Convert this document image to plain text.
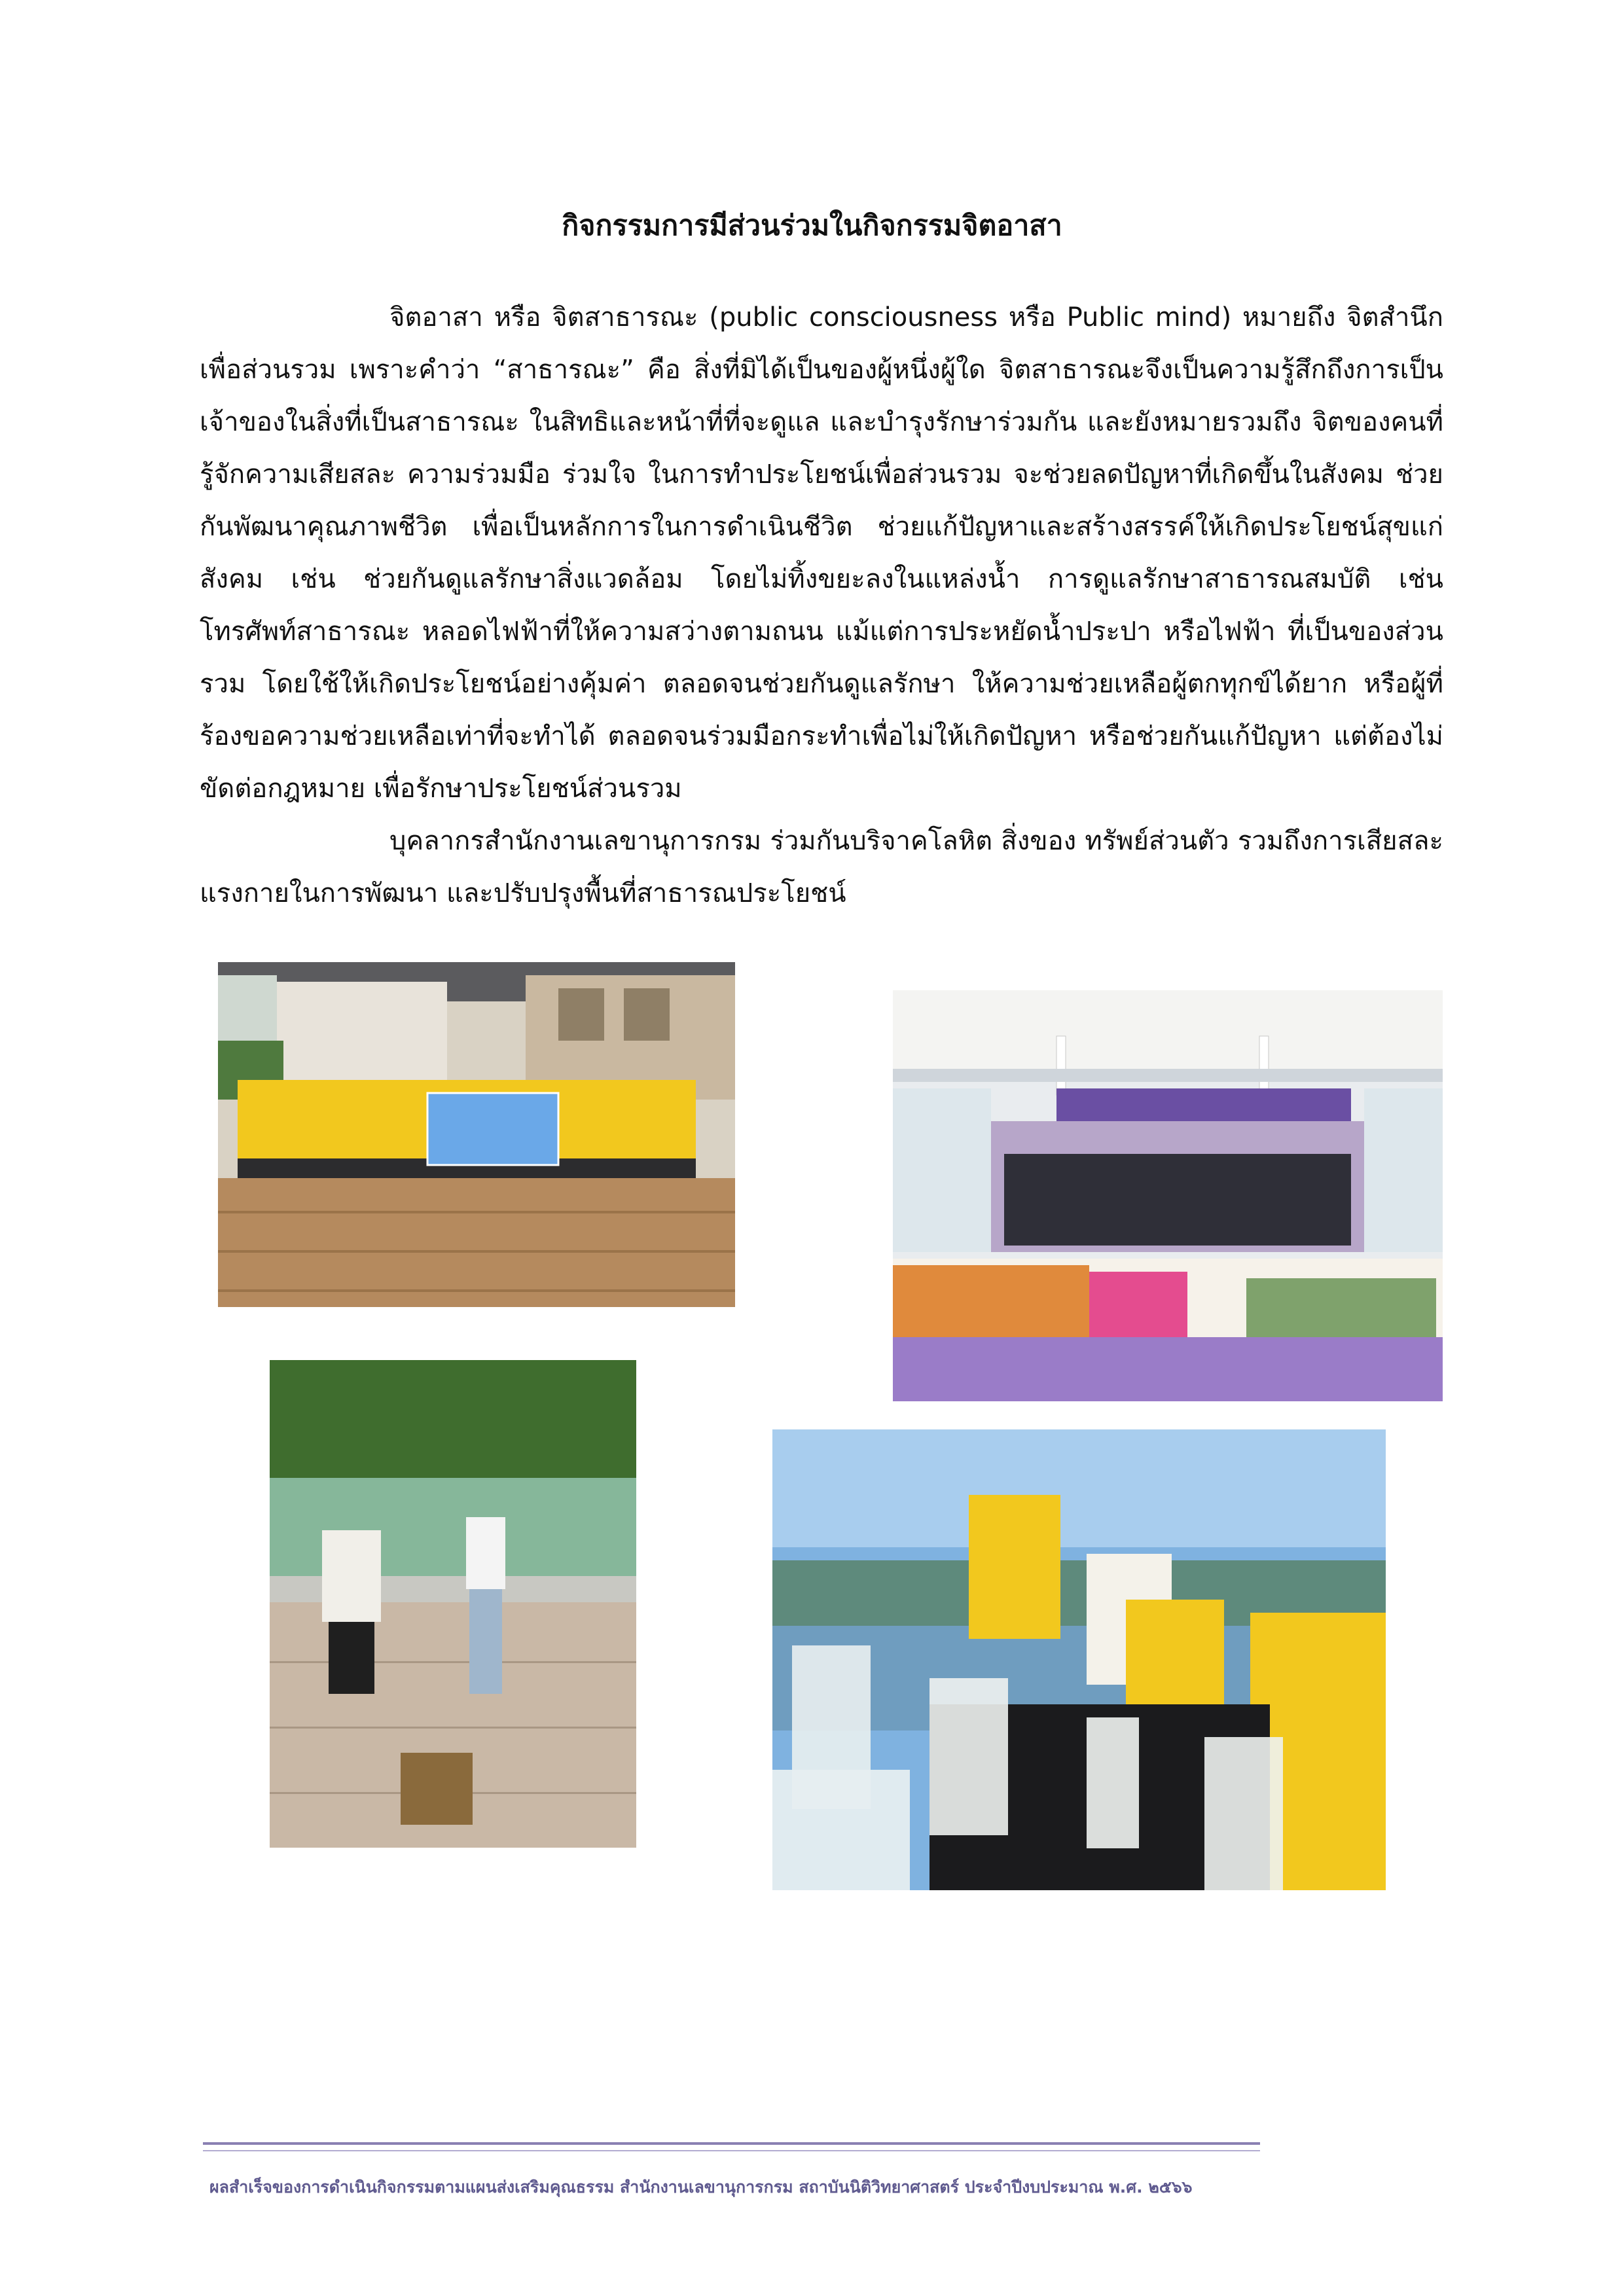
กิจกรรมการมีส่วนร่วมในกิจกรรมจิตอาสา

จิตอาสา หรือ จิตสาธารณะ (public consciousness หรือ Public mind) หมายถึง จิตสำนึกเพื่อส่วนรวม เพราะคำว่า “สาธารณะ” คือ สิ่งที่มิได้เป็นของผู้หนึ่งผู้ใด จิตสาธารณะจึงเป็นความรู้สึกถึงการเป็นเจ้าของในสิ่งที่เป็นสาธารณะ ในสิทธิและหน้าที่ที่จะดูแล และบำรุงรักษาร่วมกัน และยังหมายรวมถึง จิตของคนที่รู้จักความเสียสละ ความร่วมมือ ร่วมใจ ในการทำประโยชน์เพื่อส่วนรวม จะช่วยลดปัญหาที่เกิดขึ้นในสังคม ช่วยกันพัฒนาคุณภาพชีวิต เพื่อเป็นหลักการในการดำเนินชีวิต ช่วยแก้ปัญหาและสร้างสรรค์ให้เกิดประโยชน์สุขแก่สังคม เช่น ช่วยกันดูแลรักษาสิ่งแวดล้อม โดยไม่ทิ้งขยะลงในแหล่งน้ำ การดูแลรักษาสาธารณสมบัติ เช่น โทรศัพท์สาธารณะ หลอดไฟฟ้าที่ให้ความสว่างตามถนน แม้แต่การประหยัดน้ำประปา หรือไฟฟ้า ที่เป็นของส่วนรวม โดยใช้ให้เกิดประโยชน์อย่างคุ้มค่า ตลอดจนช่วยกันดูแลรักษา ให้ความช่วยเหลือผู้ตกทุกข์ได้ยาก หรือผู้ที่ร้องขอความช่วยเหลือเท่าที่จะทำได้ ตลอดจนร่วมมือกระทำเพื่อไม่ให้เกิดปัญหา หรือช่วยกันแก้ปัญหา แต่ต้องไม่ขัดต่อกฎหมาย เพื่อรักษาประโยชน์ส่วนรวม

บุคลากรสำนักงานเลขานุการกรม ร่วมกันบริจาคโลหิต สิ่งของ ทรัพย์ส่วนตัว รวมถึงการเสียสละแรงกายในการพัฒนา และปรับปรุงพื้นที่สาธารณประโยชน์

ผลสำเร็จของการดำเนินกิจกรรมตามแผนส่งเสริมคุณธรรม สำนักงานเลขานุการกรม สถาบันนิติวิทยาศาสตร์ ประจำปีงบประมาณ พ.ศ. ๒๕๖๖
